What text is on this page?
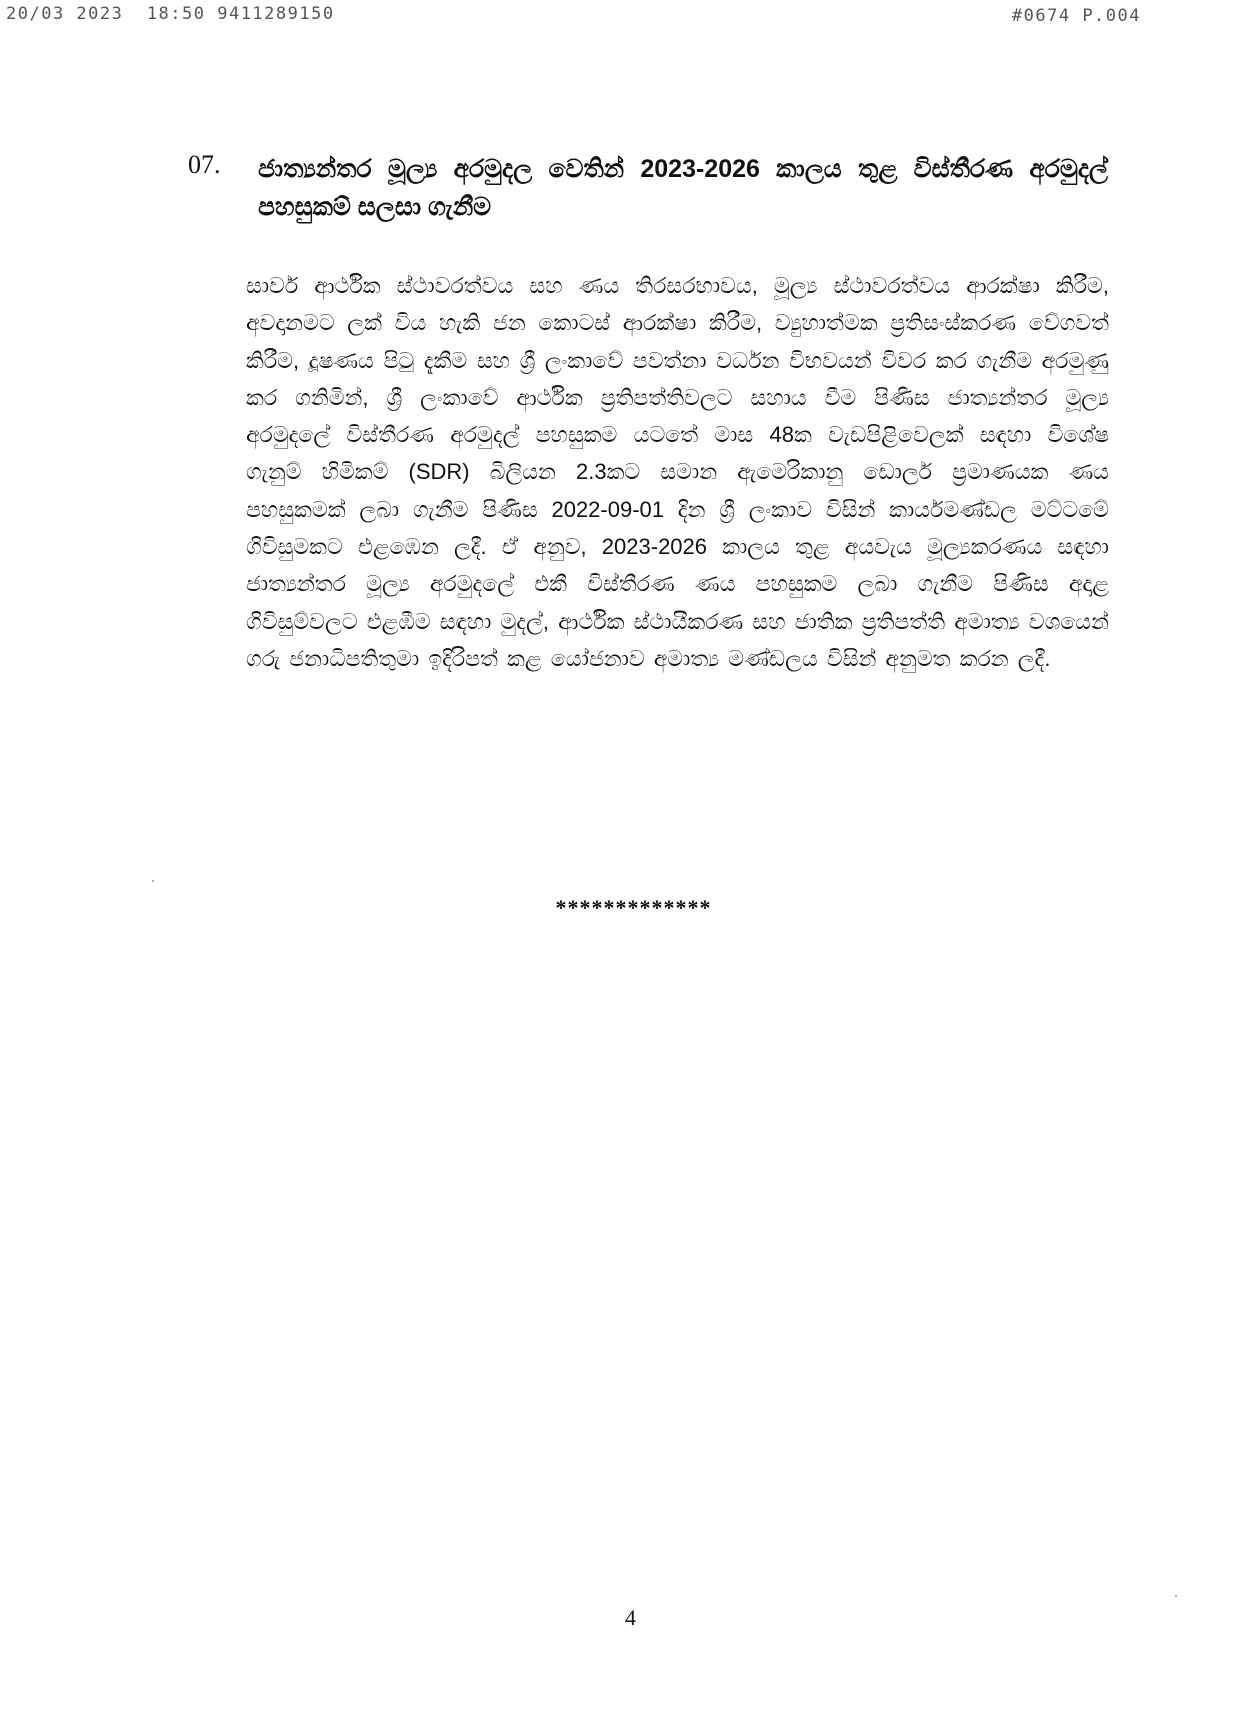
20/03 2023  18:50 9411289150	#0674 P.004
07. ජාත්‍යන්තර මූල්‍ය අරමුදල වෙතින් 2023-2026 කාලය තුළ විස්තීරණ අරමුදල් පහසුකම් සලසා ගැනීම
සාර්ව ආර්ථික ස්ථාවරත්වය සහ ණය තිරසරභාවය, මූල්‍ය ස්ථාවරත්වය ආරක්ෂා කිරීම, අවදානමට ලක් විය හැකි ජන කොටස් ආරක්ෂා කිරීම, ව්‍යුහාත්මක ප්‍රතිසංස්කරණ වේගවත් කිරීම, දූෂණය පිටු දැකීම සහ ශ්‍රී ලංකාවේ පවත්නා වර්ධන විභවයන් විවර කර ගැනීම අරමුණු කර ගනිමින්, ශ්‍රී ලංකාවේ ආර්ථික ප්‍රතිපත්තිවලට සහාය වීම පිණිස ජාත්‍යන්තර මූල්‍ය අරමුදලේ විස්තීරණ අරමුදල් පහසුකම යටතේ මාස 48ක වැඩපිළිවෙලක් සඳහා විශේෂ ගැනුම් හිමිකම් (SDR) බිලියන 2.3කට සමාන ඇමෙරිකානු ඩොලර් ප්‍රමාණයක ණය පහසුකමක් ලබා ගැනීම පිණිස 2022-09-01 දින ශ්‍රී ලංකාව විසින් කාර්යමණ්ඩල මට්ටමේ ගිවිසුමකට එළඹෙන ලදී. ඒ අනුව, 2023-2026 කාලය තුළ අයවැය මූල්‍යකරණය සඳහා ජාත්‍යන්තර මූල්‍ය අරමුදලේ එකී විස්තීරණ ණය පහසුකම ලබා ගැනීම පිණිස අදාළ ගිවිසුම්වලට එළඹීම සඳහා මුදල්, ආර්ථික ස්ථායීකරණ සහ ජාතික ප්‍රතිපත්ති අමාත්‍ය වශයෙන් ගරු ජනාධිපතිතුමා ඉදිරිපත් කළ යෝජනාව අමාත්‍ය මණ්ඩලය විසින් අනුමත කරන ලදී.
*************
4
